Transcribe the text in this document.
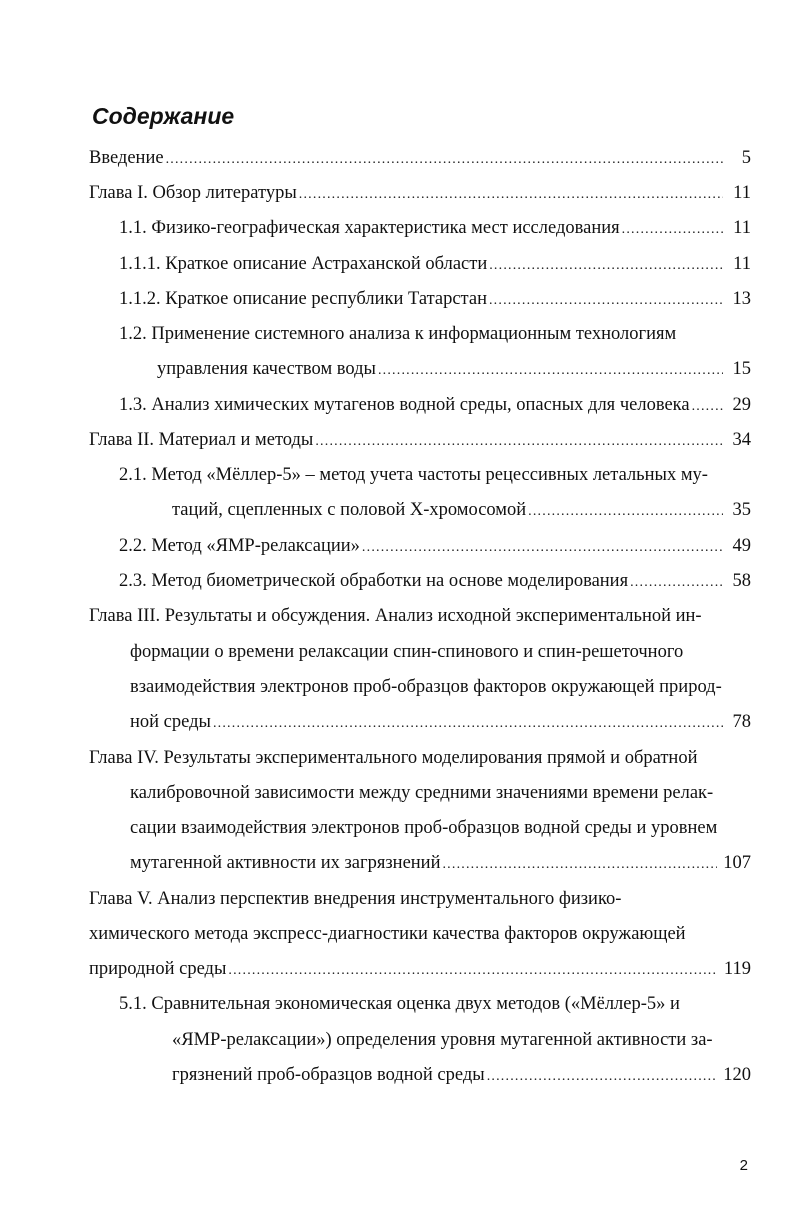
Содержание
Введение .....	5
Глава I. Обзор литературы .....	11
1.1. Физико-географическая характеристика мест исследования .....	11
1.1.1. Краткое описание Астраханской области .....	11
1.1.2. Краткое описание республики Татарстан .....	13
1.2. Применение системного анализа к информационным технологиям
управления качеством воды .....	15
1.3. Анализ химических мутагенов водной среды, опасных для человека ..... 29
Глава II. Материал и методы .....	34
2.1. Метод «Мёллер-5» – метод учета частоты рецессивных летальных му-
таций, сцепленных с половой Х-хромосомой .....	35
2.2. Метод «ЯМР-релаксации» .....	49
2.3. Метод биометрической обработки на основе моделирования .....	58
Глава III. Результаты и обсуждения. Анализ исходной экспериментальной ин-
формации о времени релаксации спин-спинового и спин-решеточного
взаимодействия электронов проб-образцов факторов окружающей природ-
ной среды .....	78
Глава IV. Результаты экспериментального моделирования прямой и обратной
калибровочной зависимости между средними значениями времени релак-
сации взаимодействия электронов проб-образцов водной среды и уровнем
мутагенной активности их загрязнений .....	107
Глава V. Анализ перспектив внедрения инструментального физико-
химического метода экспресс-диагностики качества факторов окружающей
природной среды .....	119
5.1. Сравнительная экономическая оценка двух методов («Мёллер-5» и
«ЯМР-релаксации») определения уровня мутагенной активности за-
грязнений проб-образцов водной среды .....	120
2
